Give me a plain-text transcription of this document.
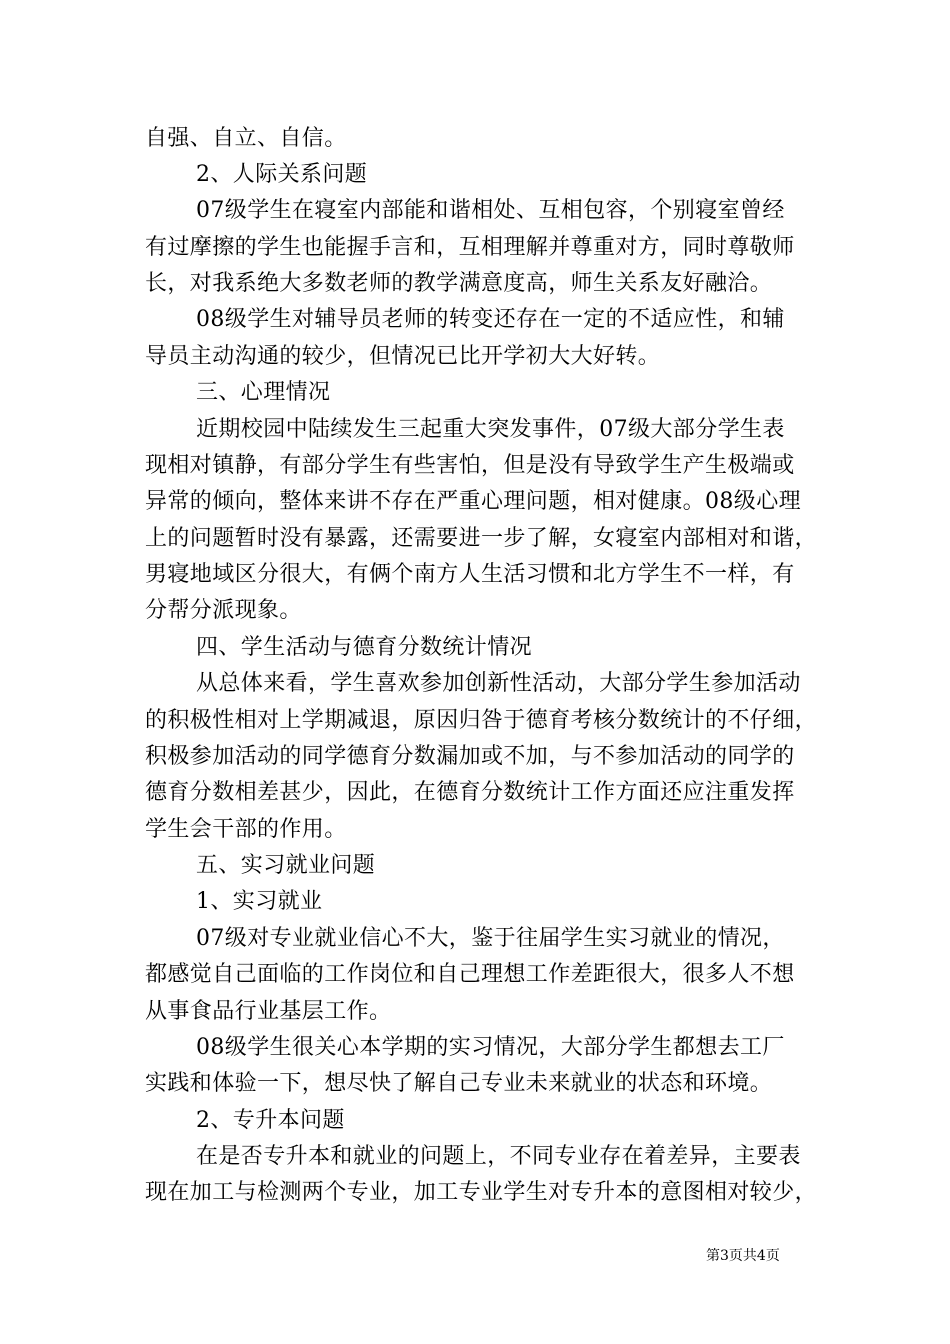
自强、自立、自信。
2、人际关系问题
07级学生在寝室内部能和谐相处、互相包容，个别寝室曾经
有过摩擦的学生也能握手言和，互相理解并尊重对方，同时尊敬师
长，对我系绝大多数老师的教学满意度高，师生关系友好融洽。
08级学生对辅导员老师的转变还存在一定的不适应性，和辅
导员主动沟通的较少，但情况已比开学初大大好转。
三、心理情况
近期校园中陆续发生三起重大突发事件，07级大部分学生表
现相对镇静，有部分学生有些害怕，但是没有导致学生产生极端或
异常的倾向，整体来讲不存在严重心理问题，相对健康。08级心理
上的问题暂时没有暴露，还需要进一步了解，女寝室内部相对和谐，
男寝地域区分很大，有俩个南方人生活习惯和北方学生不一样，有
分帮分派现象。
四、学生活动与德育分数统计情况
从总体来看，学生喜欢参加创新性活动，大部分学生参加活动
的积极性相对上学期减退，原因归咎于德育考核分数统计的不仔细，
积极参加活动的同学德育分数漏加或不加，与不参加活动的同学的
德育分数相差甚少，因此，在德育分数统计工作方面还应注重发挥
学生会干部的作用。
五、实习就业问题
1、实习就业
07级对专业就业信心不大，鉴于往届学生实习就业的情况，
都感觉自己面临的工作岗位和自己理想工作差距很大，很多人不想
从事食品行业基层工作。
08级学生很关心本学期的实习情况，大部分学生都想去工厂
实践和体验一下，想尽快了解自己专业未来就业的状态和环境。
2、专升本问题
在是否专升本和就业的问题上，不同专业存在着差异，主要表
现在加工与检测两个专业，加工专业学生对专升本的意图相对较少，
第3页共4页
